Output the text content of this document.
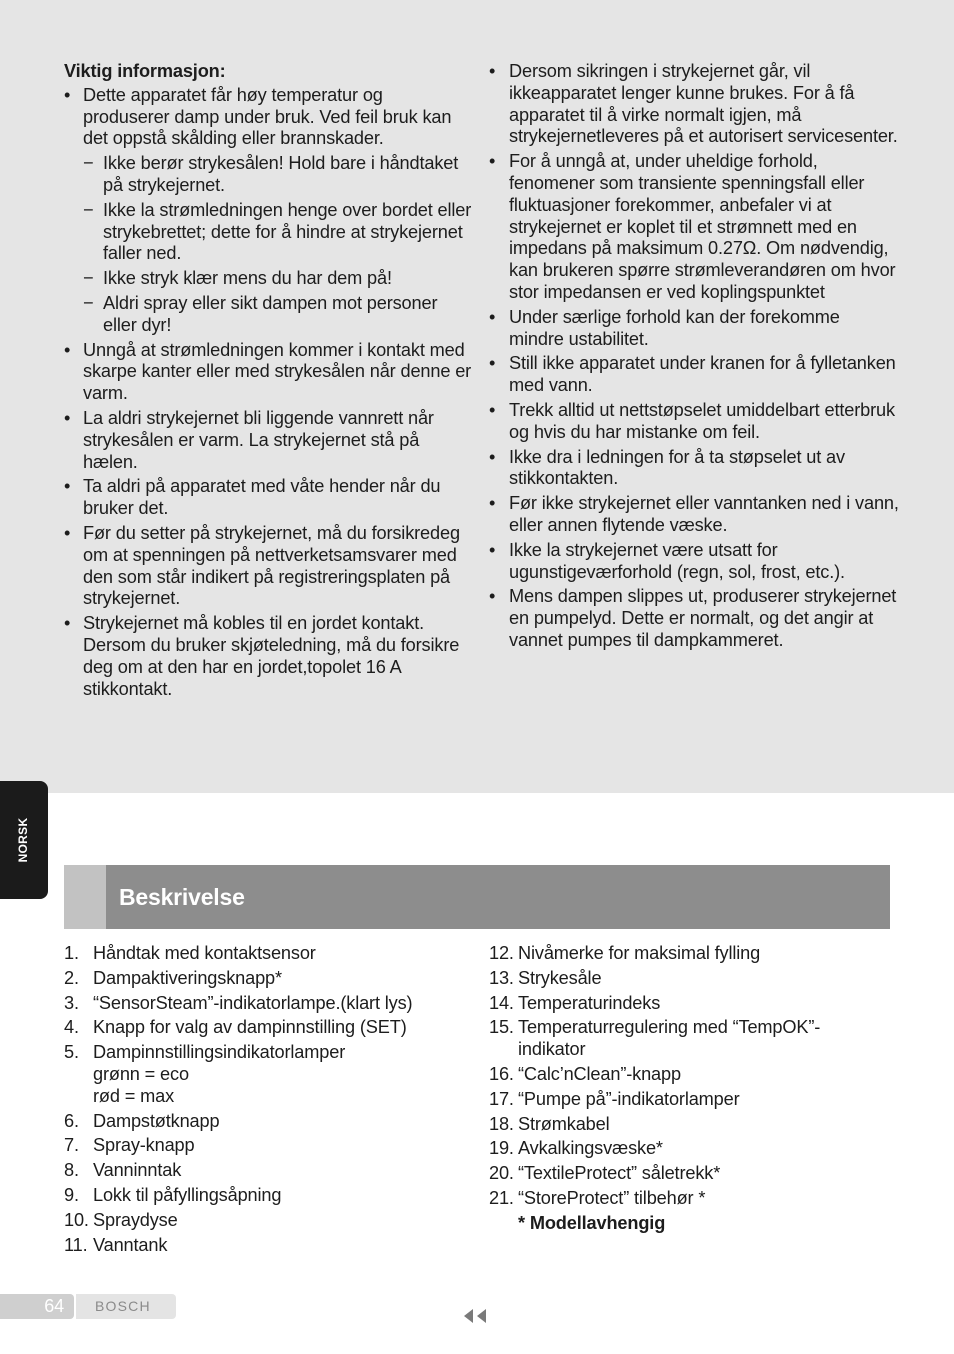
Viktig informasjon:
• Dette apparatet får høy temperatur og produserer damp under bruk. Ved feil bruk kan det oppstå skålding eller brannskader.
− Ikke berør strykesålen! Hold bare i håndtaket på strykejernet.
− Ikke la strømledningen henge over bordet eller strykebrettet; dette for å hindre at strykejernet faller ned.
− Ikke stryk klær mens du har dem på!
− Aldri spray eller sikt dampen mot personer eller dyr!
• Unngå at strømledningen kommer i kontakt med skarpe kanter eller med strykesålen når denne er varm.
• La aldri strykejernet bli liggende vannrett når strykesålen er varm. La strykejernet stå på hælen.
• Ta aldri på apparatet med våte hender når du bruker det.
• Før du setter på strykejernet, må du forsikredeg om at spenningen på nettverketsamsvarer med den som står indikert på registreringsplaten på strykejernet.
• Strykejernet må kobles til en jordet kontakt. Dersom du bruker skjøteledning, må du forsikre deg om at den har en jordet,topolet 16 A stikkontakt.
• Dersom sikringen i strykejernet går, vil ikkeapparatet lenger kunne brukes. For å få apparatet til å virke normalt igjen, må strykejernetleveres på et autorisert servicesenter.
• For å unngå at, under uheldige forhold, fenomener som transiente spenningsfall eller fluktuasjoner forekommer, anbefaler vi at strykejernet er koplet til et strømnett med en impedans på maksimum 0.27Ω. Om nødvendig, kan brukeren spørre strømleverandøren om hvor stor impedansen er ved koplingspunktet
• Under særlige forhold kan der forekomme mindre ustabilitet.
• Still ikke apparatet under kranen for å fylletanken med vann.
• Trekk alltid ut nettstøpselet umiddelbart etterbruk og hvis du har mistanke om feil.
• Ikke dra i ledningen for å ta støpselet ut av stikkontakten.
• Før ikke strykejernet eller vanntanken ned i vann, eller annen flytende væske.
• Ikke la strykejernet være utsatt for ugunstigeværforhold (regn, sol, frost, etc.).
• Mens dampen slippes ut, produserer strykejernet en pumpelyd. Dette er normalt, og det angir at vannet pumpes til dampkammeret.
NORSK
Beskrivelse
1. Håndtak med kontaktsensor
2. Dampaktiveringsknapp*
3. “SensorSteam”-indikatorlampe.(klart lys)
4. Knapp for valg av dampinnstilling (SET)
5. Dampinnstillingsindikatorlamper
grønn = eco
rød = max
6. Dampstøtknapp
7. Spray-knapp
8. Vanninntak
9. Lokk til påfyllingsåpning
10. Spraydyse
11. Vanntank
12. Nivåmerke for maksimal fylling
13. Strykesåle
14. Temperaturindeks
15. Temperaturregulering med “TempOK”-
indikator
16. “Calc’nClean”-knapp
17. “Pumpe på”-indikatorlamper
18. Strømkabel
19. Avkalkingsvæske*
20. “TextileProtect” såletrekk*
21. “StoreProtect” tilbehør *
* Modellavhengig
64 BOSCH
